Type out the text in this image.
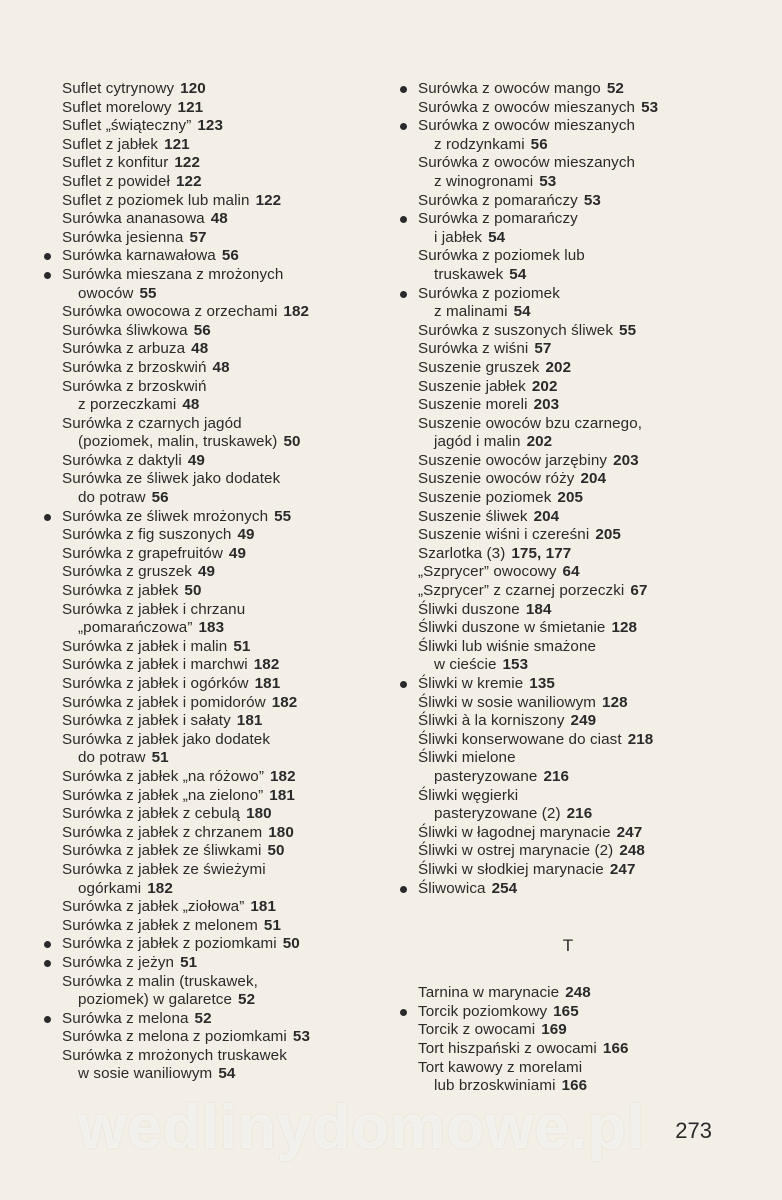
Suflet cytrynowy 120
Suflet morelowy 121
Suflet „świąteczny” 123
Suflet z jabłek 121
Suflet z konfitur 122
Suflet z powideł 122
Suflet z poziomek lub malin 122
Surówka ananasowa 48
Surówka jesienna 57
Surówka karnawałowa 56
Surówka mieszana z mrożonych
owoców 55
Surówka owocowa z orzechami 182
Surówka śliwkowa 56
Surówka z arbuza 48
Surówka z brzoskwiń 48
Surówka z brzoskwiń
z porzeczkami 48
Surówka z czarnych jagód
(poziomek, malin, truskawek) 50
Surówka z daktyli 49
Surówka ze śliwek jako dodatek
do potraw 56
Surówka ze śliwek mrożonych 55
Surówka z fig suszonych 49
Surówka z grapefruitów 49
Surówka z gruszek 49
Surówka z jabłek 50
Surówka z jabłek i chrzanu
„pomarańczowa” 183
Surówka z jabłek i malin 51
Surówka z jabłek i marchwi 182
Surówka z jabłek i ogórków 181
Surówka z jabłek i pomidorów 182
Surówka z jabłek i sałaty 181
Surówka z jabłek jako dodatek
do potraw 51
Surówka z jabłek „na różowo” 182
Surówka z jabłek „na zielono” 181
Surówka z jabłek z cebulą 180
Surówka z jabłek z chrzanem 180
Surówka z jabłek ze śliwkami 50
Surówka z jabłek ze świeżymi
ogórkami 182
Surówka z jabłek „ziołowa” 181
Surówka z jabłek z melonem 51
Surówka z jabłek z poziomkami 50
Surówka z jeżyn 51
Surówka z malin (truskawek,
poziomek) w galaretce 52
Surówka z melona 52
Surówka z melona z poziomkami 53
Surówka z mrożonych truskawek
w sosie waniliowym 54
Surówka z owoców mango 52
Surówka z owoców mieszanych 53
Surówka z owoców mieszanych
z rodzynkami 56
Surówka z owoców mieszanych
z winogronami 53
Surówka z pomarańczy 53
Surówka z pomarańczy
i jabłek 54
Surówka z poziomek lub
truskawek 54
Surówka z poziomek
z malinami 54
Surówka z suszonych śliwek 55
Surówka z wiśni 57
Suszenie gruszek 202
Suszenie jabłek 202
Suszenie moreli 203
Suszenie owoców bzu czarnego,
jagód i malin 202
Suszenie owoców jarzębiny 203
Suszenie owoców róży 204
Suszenie poziomek 205
Suszenie śliwek 204
Suszenie wiśni i czereśni 205
Szarlotka (3) 175, 177
„Szprycer” owocowy 64
„Szprycer” z czarnej porzeczki 67
Śliwki duszone 184
Śliwki duszone w śmietanie 128
Śliwki lub wiśnie smażone
w cieście 153
Śliwki w kremie 135
Śliwki w sosie waniliowym 128
Śliwki à la korniszony 249
Śliwki konserwowane do ciast 218
Śliwki mielone
pasteryzowane 216
Śliwki węgierki
pasteryzowane (2) 216
Śliwki w łagodnej marynacie 247
Śliwki w ostrej marynacie (2) 248
Śliwki w słodkiej marynacie 247
Śliwowica 254
T
Tarnina w marynacie 248
Torcik poziomkowy 165
Torcik z owocami 169
Tort hiszpański z owocami 166
Tort kawowy z morelami
lub brzoskwiniami 166
wedlinydomowe.pl 273
